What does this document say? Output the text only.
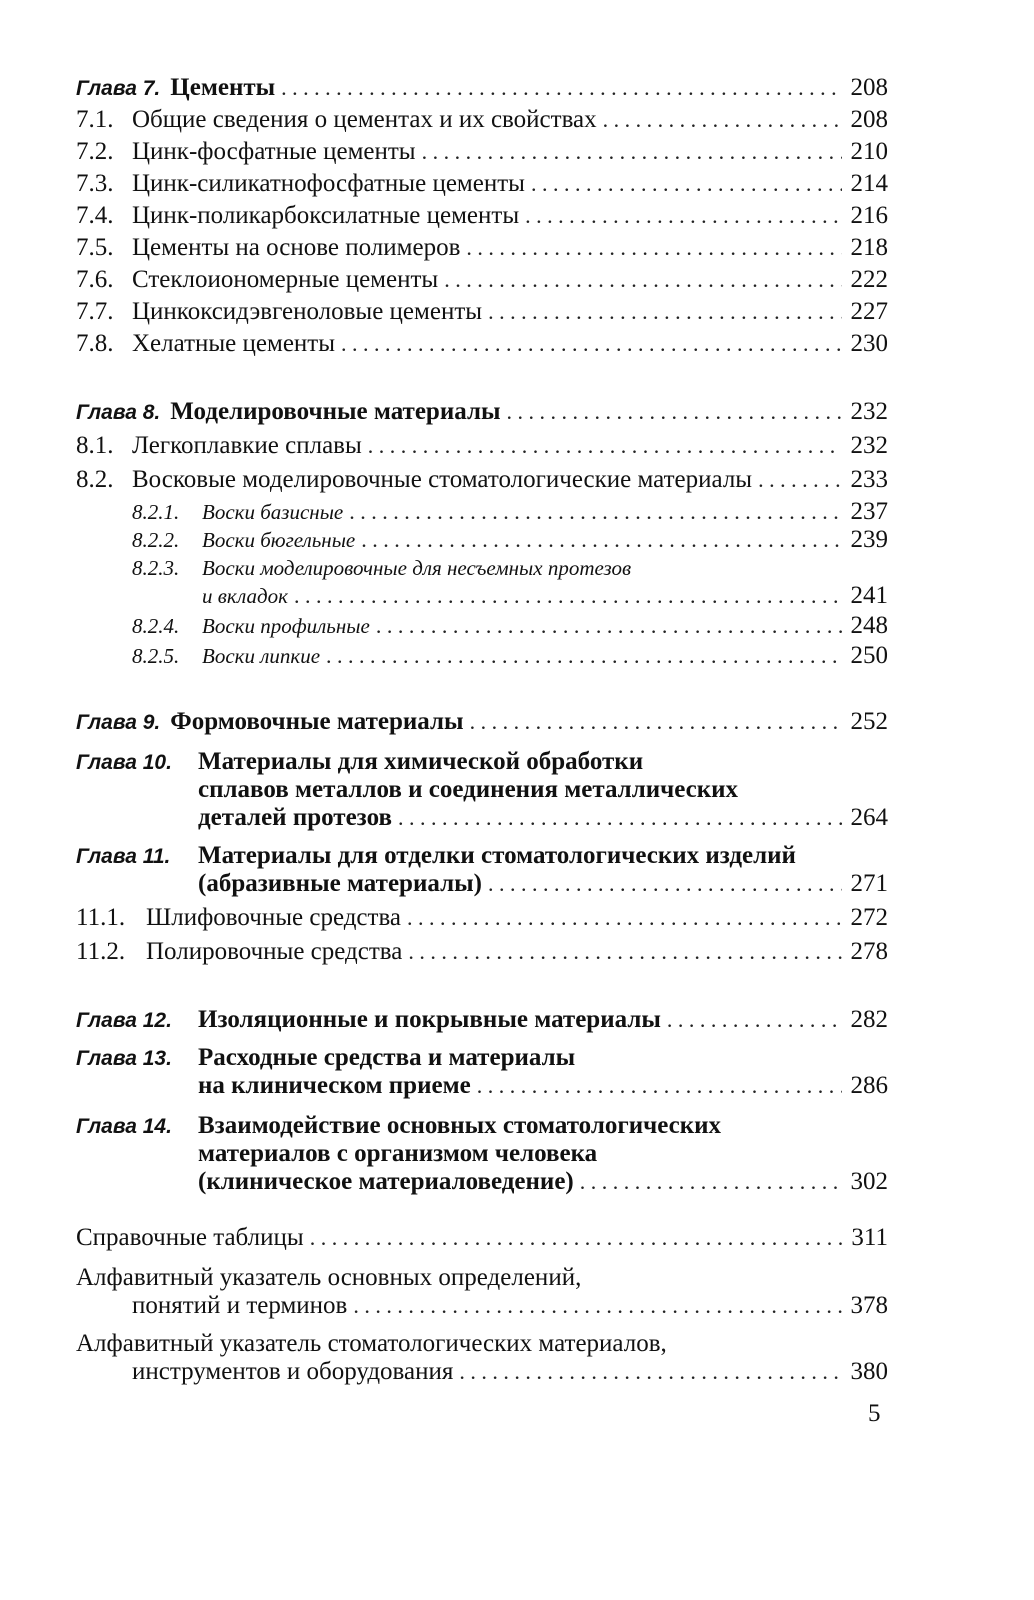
Глава 7. Цементы . . .	208
7.1. Общие сведения о цементах и их свойствах . . .	208
7.2. Цинк-фосфатные цементы . . .	210
7.3. Цинк-силикатнофосфатные цементы . . .	214
7.4. Цинк-поликарбоксилатные цементы . . .	216
7.5. Цементы на основе полимеров . . .	218
7.6. Стеклоиономерные цементы . . .	222
7.7. Цинкоксидэвгеноловые цементы . . .	227
7.8. Хелатные цементы . . .	230
Глава 8. Моделировочные материалы . . .	232
8.1. Легкоплавкие сплавы . . .	232
8.2. Восковые моделировочные стоматологические материалы . . .	233
8.2.1.	Воски базисные . . .	237
8.2.2.	Воски бюгельные . . .	239
8.2.3.	Воски моделировочные для несъемных протезов
и вкладок . . .	241
8.2.4.	Воски профильные . . .	248
8.2.5.	Воски липкие . . .	250
Глава 9. Формовочные материалы . . .	252
Глава 10.	Материалы для химической обработки
сплавов металлов и соединения металлических
деталей протезов . . .	264
Глава 11.	Материалы для отделки стоматологических изделий
(абразивные материалы) . . .	271
11.1. Шлифовочные средства . . .	272
11.2. Полировочные средства . . .	278
Глава 12.	Изоляционные и покрывные материалы . . .	282
Глава 13.	Расходные средства и материалы
на клиническом приеме . . .	286
Глава 14.	Взаимодействие основных стоматологических
материалов с организмом человека
(клиническое материаловедение) . . .	302
Справочные таблицы . . .	311
Алфавитный указатель основных определений,
понятий и терминов . . .	378
Алфавитный указатель стоматологических материалов,
инструментов и оборудования . . .	380
5
